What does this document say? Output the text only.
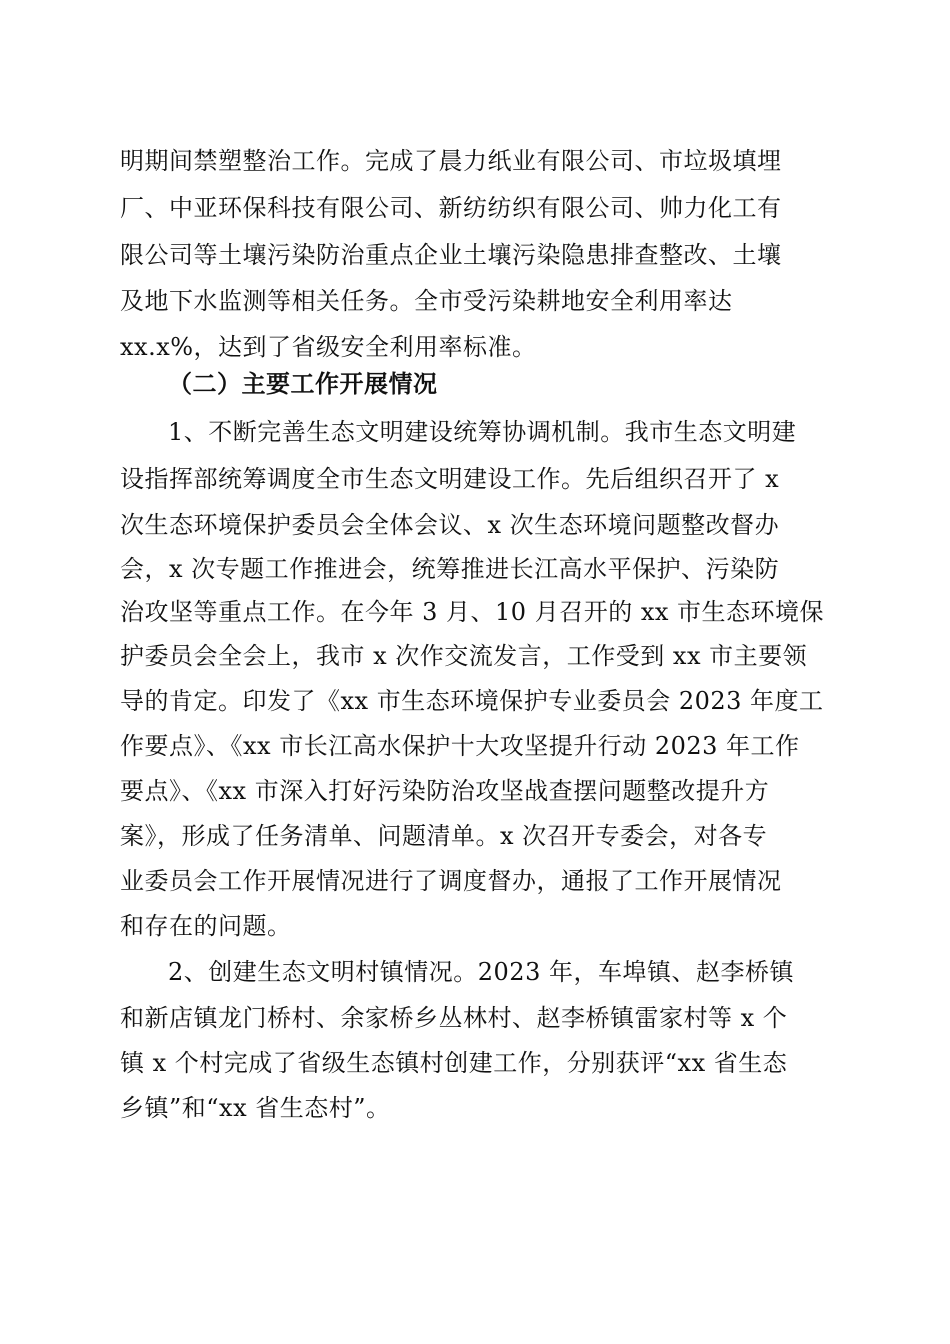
明期间禁塑整治工作。完成了晨力纸业有限公司、市垃圾填埋
厂、中亚环保科技有限公司、新纺纺织有限公司、帅力化工有
限公司等土壤污染防治重点企业土壤污染隐患排查整改、土壤
及地下水监测等相关任务。全市受污染耕地安全利用率达
xx.x%，达到了省级安全利用率标准。
（二）主要工作开展情况
1、不断完善生态文明建设统筹协调机制。我市生态文明建
设指挥部统筹调度全市生态文明建设工作。先后组织召开了 x
次生态环境保护委员会全体会议、x 次生态环境问题整改督办
会，x 次专题工作推进会，统筹推进长江高水平保护、污染防
治攻坚等重点工作。在今年 3 月、10 月召开的 xx 市生态环境保
护委员会全会上，我市 x 次作交流发言，工作受到 xx 市主要领
导的肯定。印发了《xx 市生态环境保护专业委员会 2023 年度工
作要点》、《xx 市长江高水保护十大攻坚提升行动 2023 年工作
要点》、《xx 市深入打好污染防治攻坚战查摆问题整改提升方
案》，形成了任务清单、问题清单。x 次召开专委会，对各专
业委员会工作开展情况进行了调度督办，通报了工作开展情况
和存在的问题。
2、创建生态文明村镇情况。2023 年，车埠镇、赵李桥镇
和新店镇龙门桥村、余家桥乡丛林村、赵李桥镇雷家村等 x 个
镇 x 个村完成了省级生态镇村创建工作，分别获评“xx 省生态
乡镇”和“xx 省生态村”。
